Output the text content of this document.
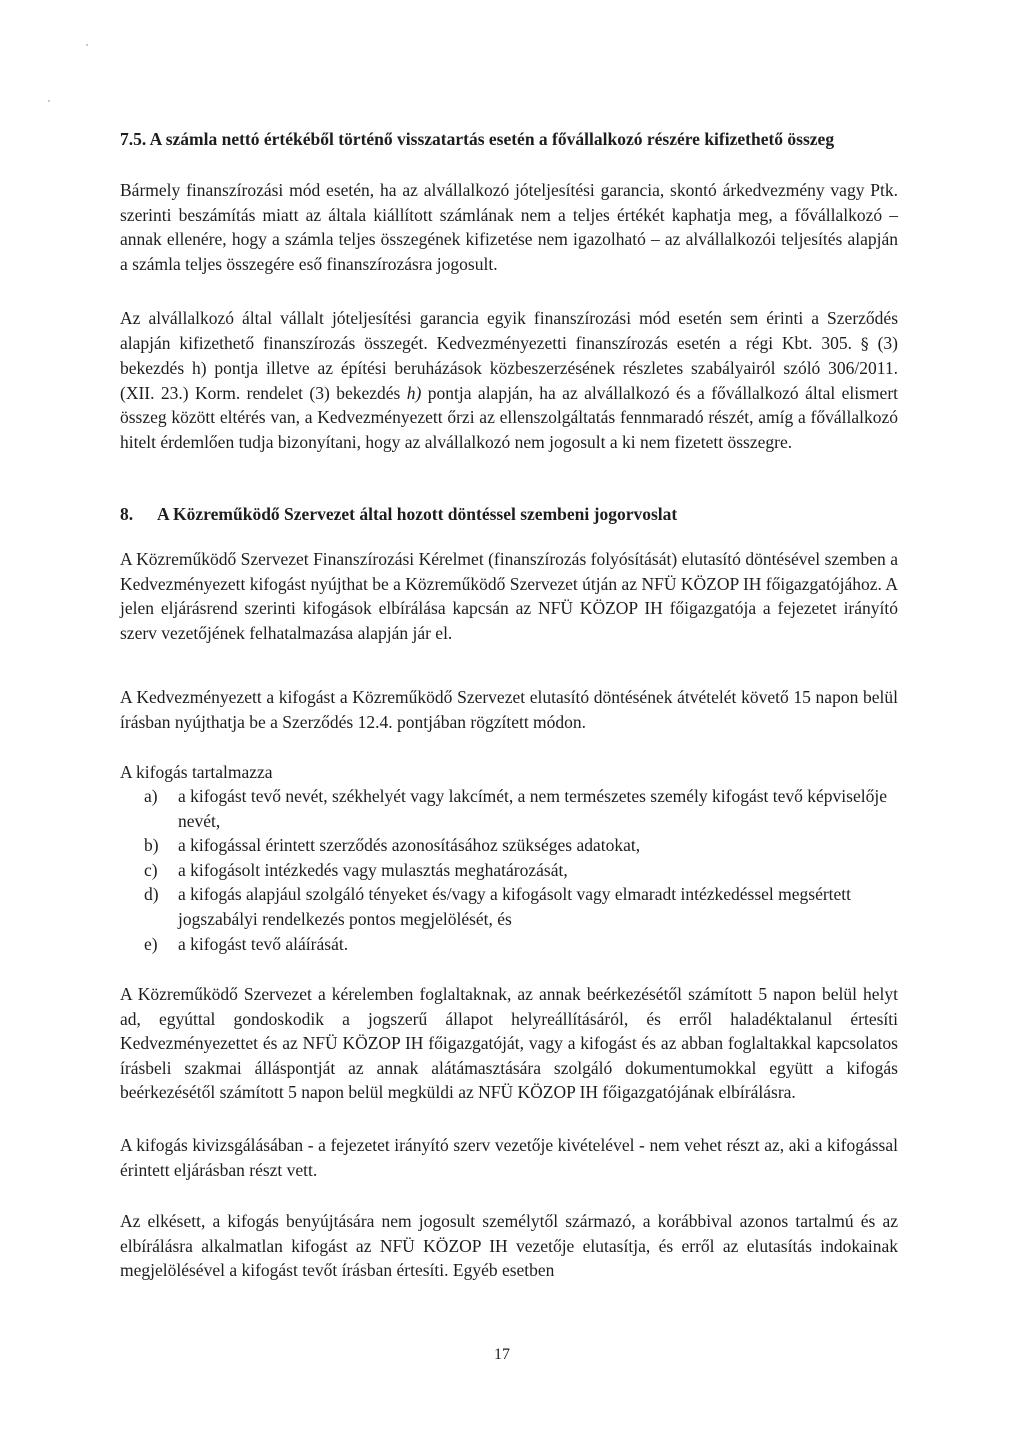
7.5. A számla nettó értékéből történő visszatartás esetén a fővállalkozó részére kifizethető összeg

Bármely finanszírozási mód esetén, ha az alvállalkozó jóteljesítési garancia, skontó árkedvezmény vagy Ptk. szerinti beszámítás miatt az általa kiállított számlának nem a teljes értékét kaphatja meg, a fővállalkozó – annak ellenére, hogy a számla teljes összegének kifizetése nem igazolható – az alvállalkozói teljesítés alapján a számla teljes összegére eső finanszírozásra jogosult.

Az alvállalkozó által vállalt jóteljesítési garancia egyik finanszírozási mód esetén sem érinti a Szerződés alapján kifizethető finanszírozás összegét. Kedvezményezetti finanszírozás esetén a régi Kbt. 305. § (3) bekezdés h) pontja illetve az építési beruházások közbeszerzésének részletes szabályairól szóló 306/2011. (XII. 23.) Korm. rendelet (3) bekezdés h) pontja alapján, ha az alvállalkozó és a fővállalkozó által elismert összeg között eltérés van, a Kedvezményezett őrzi az ellenszolgáltatás fennmaradó részét, amíg a fővállalkozó hitelt érdemlően tudja bizonyítani, hogy az alvállalkozó nem jogosult a ki nem fizetett összegre.

8. A Közreműködő Szervezet által hozott döntéssel szembeni jogorvoslat

A Közreműködő Szervezet Finanszírozási Kérelmet (finanszírozás folyósítását) elutasító döntésével szemben a Kedvezményezett kifogást nyújthat be a Közreműködő Szervezet útján az NFÜ KÖZOP IH főigazgatójához. A jelen eljárásrend szerinti kifogások elbírálása kapcsán az NFÜ KÖZOP IH főigazgatója a fejezetet irányító szerv vezetőjének felhatalmazása alapján jár el.

A Kedvezményezett a kifogást a Közreműködő Szervezet elutasító döntésének átvételét követő 15 napon belül írásban nyújthatja be a Szerződés 12.4. pontjában rögzített módon.

A kifogás tartalmazza

a) a kifogást tevő nevét, székhelyét vagy lakcímét, a nem természetes személy kifogást tevő képviselője nevét,
b) a kifogással érintett szerződés azonosításához szükséges adatokat,
c) a kifogásolt intézkedés vagy mulasztás meghatározását,
d) a kifogás alapjául szolgáló tényeket és/vagy a kifogásolt vagy elmaradt intézkedéssel megsértett jogszabályi rendelkezés pontos megjelölését, és
e) a kifogást tevő aláírását.

A Közreműködő Szervezet a kérelemben foglaltaknak, az annak beérkezésétől számított 5 napon belül helyt ad, egyúttal gondoskodik a jogszerű állapot helyreállításáról, és erről haladéktalanul értesíti Kedvezményezettet és az NFÜ KÖZOP IH főigazgatóját, vagy a kifogást és az abban foglaltakkal kapcsolatos írásbeli szakmai álláspontját az annak alátámasztására szolgáló dokumentumokkal együtt a kifogás beérkezésétől számított 5 napon belül megküldi az NFÜ KÖZOP IH főigazgatójának elbírálásra.

A kifogás kivizsgálásában - a fejezetet irányító szerv vezetője kivételével - nem vehet részt az, aki a kifogással érintett eljárásban részt vett.

Az elkésett, a kifogás benyújtására nem jogosult személytől származó, a korábbival azonos tartalmú és az elbírálásra alkalmatlan kifogást az NFÜ KÖZOP IH vezetője elutasítja, és erről az elutasítás indokainak megjelölésével a kifogást tevőt írásban értesíti. Egyéb esetben

17
